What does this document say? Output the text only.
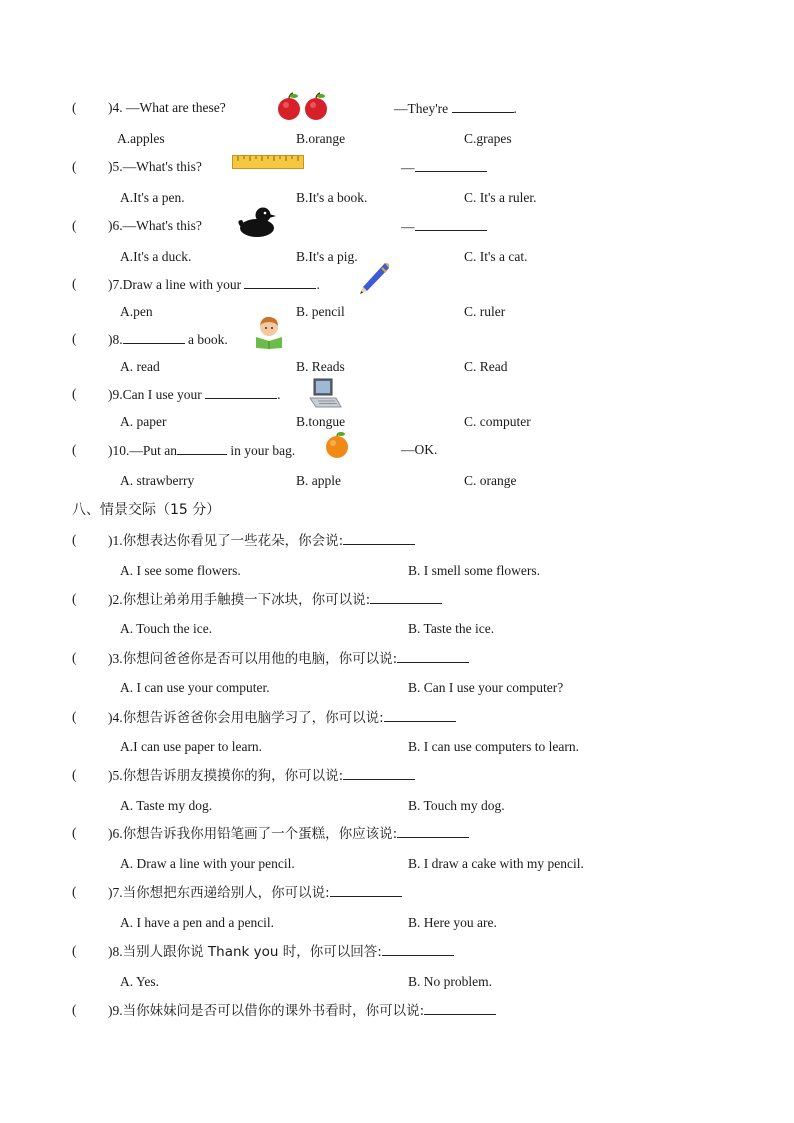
( )4. —What are these?	—They're	.
A.apples	B.orange	C.grapes
( )5.—What's this?	—
A.It's a pen.	B.It's a book.	C. It's a ruler.
( )6.—What's this?	—
A.It's a duck.	B.It's a pig.	C. It's a cat.
( )7.Draw a line with your	.
A.pen	B. pencil	C. ruler
( )8.	a book.
A. read	B. Reads	C. Read
( )9.Can I use your	.
A. paper	B.tongue	C. computer
( )10.—Put an	in your bag.	—OK.
A. strawberry	B. apple	C. orange
八、情景交际（15 分）
( )1.你想表达你看见了一些花朵，你会说:
A. I see some flowers.	B. I smell some flowers.
( )2.你想让弟弟用手触摸一下冰块，你可以说:
A. Touch the ice.	B. Taste the ice.
( )3.你想问爸爸你是否可以用他的电脑，你可以说:
A. I can use your computer.	B. Can I use your computer?
( )4.你想告诉爸爸你会用电脑学习了，你可以说:
A.I can use paper to learn.	B. I can use computers to learn.
( )5.你想告诉朋友摸摸你的狗，你可以说:
A. Taste my dog.	B. Touch my dog.
( )6.你想告诉我你用铅笔画了一个蛋糕，你应该说:
A. Draw a line with your pencil.	B. I draw a cake with my pencil.
( )7.当你想把东西递给别人，你可以说:
A. I have a pen and a pencil.	B. Here you are.
( )8.当别人跟你说 Thank you 时，你可以回答:
A. Yes.	B. No problem.
( )9.当你妹妹问是否可以借你的课外书看时，你可以说:
